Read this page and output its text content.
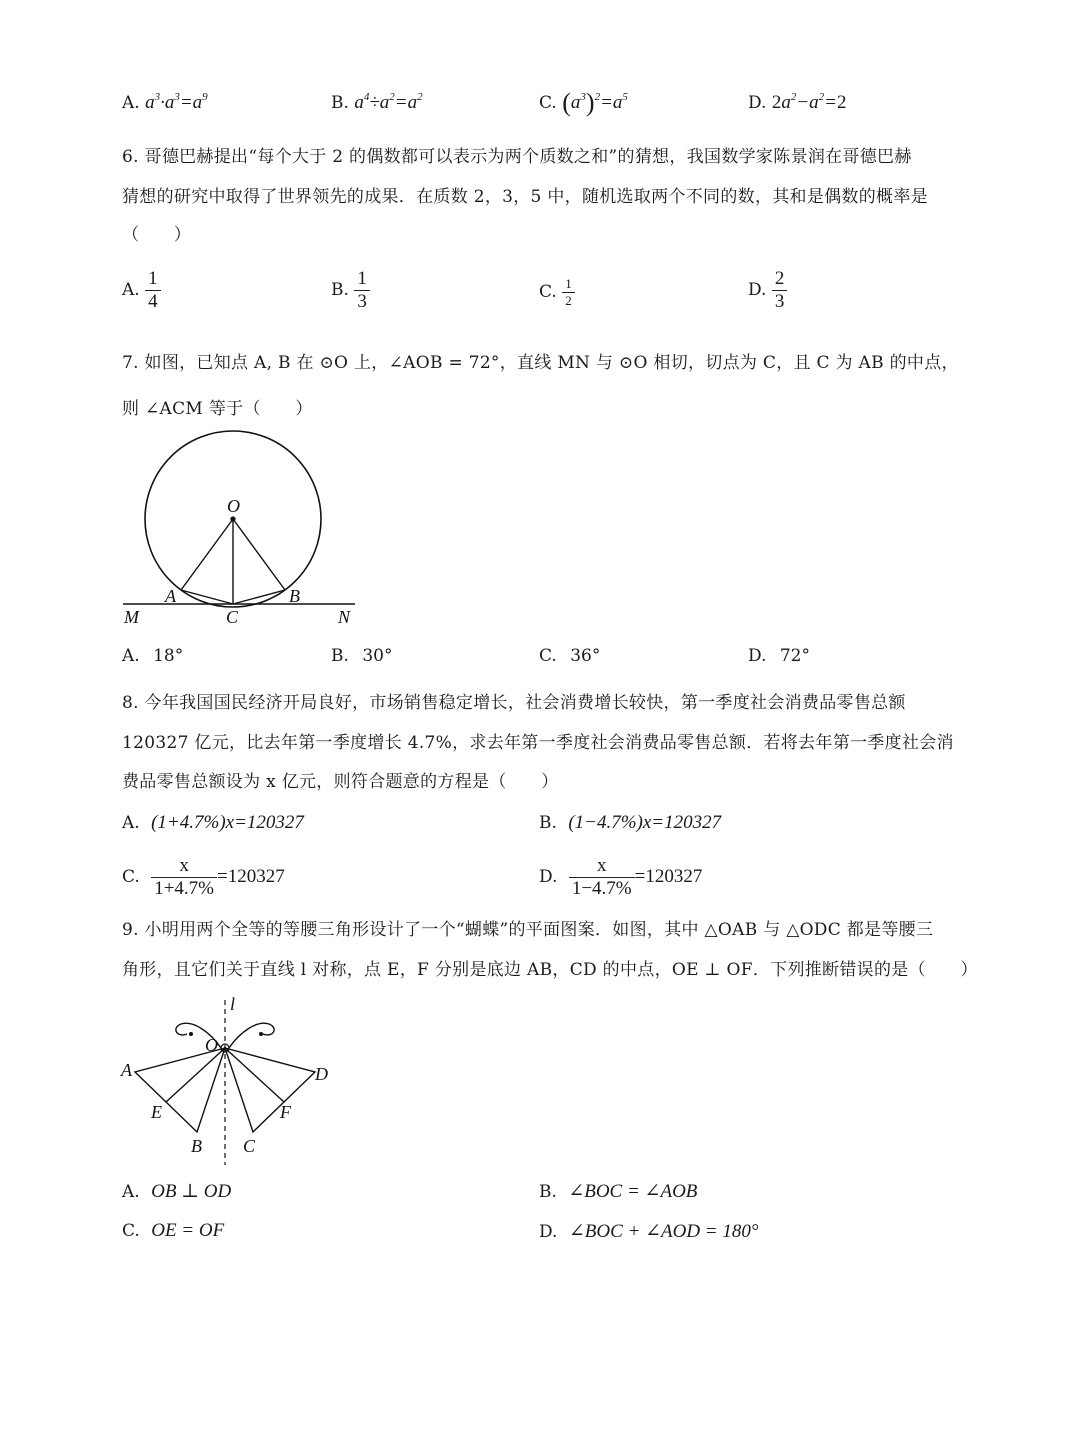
A. $a^3\cdot a^3=a^9$	B. $a^4\div a^2=a^2$	C. $(a^3)^2=a^5$	D. $2a^2-a^2=2$
6. 哥德巴赫提出“每个大于 2 的偶数都可以表示为两个质数之和”的猜想，我国数学家陈景润在哥德巴赫
猜想的研究中取得了世界领先的成果．在质数 2，3，5 中，随机选取两个不同的数，其和是偶数的概率是
（　　）
A. $\frac{1}{4}$	B. $\frac{1}{3}$	C. $\frac{1}{2}$	D. $\frac{2}{3}$
7. 如图，已知点 A, B 在 ⊙O 上，∠AOB = 72°，直线 MN 与 ⊙O 相切，切点为 C，且 C 为 AB 的中点，
则 ∠ACM 等于（　　）
O
A	B
C
M	N
A. 18°	B. 30°	C. 36°	D. 72°
8. 今年我国国民经济开局良好，市场销售稳定增长，社会消费增长较快，第一季度社会消费品零售总额
120327 亿元，比去年第一季度增长 4.7%，求去年第一季度社会消费品零售总额．若将去年第一季度社会消
费品零售总额设为 x 亿元，则符合题意的方程是（　　）
A. (1+4.7%)x=120327	B. (1−4.7%)x=120327
C. $\frac{x}{1+4.7\%} =120327$	D. $\frac{x}{1-4.7\%} =120327$
9. 小明用两个全等的等腰三角形设计了一个“蝴蝶”的平面图案．如图，其中 △OAB 与 △ODC 都是等腰三
角形，且它们关于直线 l 对称，点 E，F 分别是底边 AB，CD 的中点，OE ⊥ OF．下列推断错误的是（　　）
l
O
A	D
E	F
B C
A. OB ⊥ OD	B. ∠BOC = ∠AOB
C. OE = OF	D. ∠BOC + ∠AOD = 180°
